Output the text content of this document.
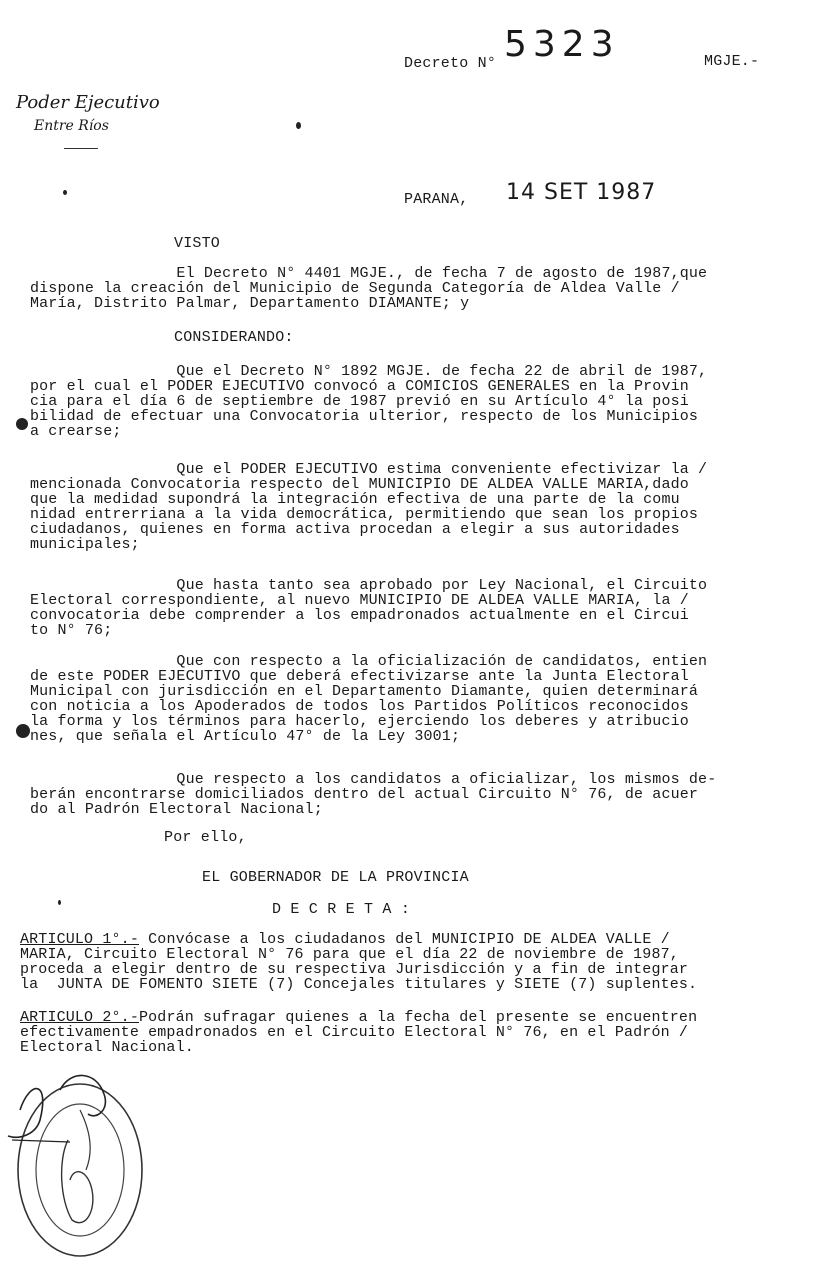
Decreto N° 5323	MGJE.-
Poder Ejecutivo
Entre Ríos
PARANA, 14 SET 1987
VISTO
El Decreto N° 4401 MGJE., de fecha 7 de agosto de 1987,que
dispone la creación del Municipio de Segunda Categoría de Aldea Valle /
María, Distrito Palmar, Departamento DIAMANTE; y
CONSIDERANDO:
Que el Decreto N° 1892 MGJE. de fecha 22 de abril de 1987,
por el cual el PODER EJECUTIVO convocó a COMICIOS GENERALES en la Provin
cia para el día 6 de septiembre de 1987 previó en su Artículo 4° la posi
bilidad de efectuar una Convocatoria ulterior, respecto de los Municipios
a crearse;
Que el PODER EJECUTIVO estima conveniente efectivizar la /
mencionada Convocatoria respecto del MUNICIPIO DE ALDEA VALLE MARIA,dado
que la medidad supondrá la integración efectiva de una parte de la comu
nidad entrerriana a la vida democrática, permitiendo que sean los propios
ciudadanos, quienes en forma activa procedan a elegir a sus autoridades
municipales;
Que hasta tanto sea aprobado por Ley Nacional, el Circuito
Electoral correspondiente, al nuevo MUNICIPIO DE ALDEA VALLE MARIA, la /
convocatoria debe comprender a los empadronados actualmente en el Circui
to N° 76;
Que con respecto a la oficialización de candidatos, entien
de este PODER EJECUTIVO que deberá efectivizarse ante la Junta Electoral
Municipal con jurisdicción en el Departamento Diamante, quien determinará
con noticia a los Apoderados de todos los Partidos Políticos reconocidos
la forma y los términos para hacerlo, ejerciendo los deberes y atribucio
nes, que señala el Artículo 47° de la Ley 3001;
Que respecto a los candidatos a oficializar, los mismos de-
berán encontrarse domiciliados dentro del actual Circuito N° 76, de acuer
do al Padrón Electoral Nacional;
Por ello,
EL GOBERNADOR DE LA PROVINCIA
D E C R E T A :
ARTICULO 1°.- Convócase a los ciudadanos del MUNICIPIO DE ALDEA VALLE /
MARIA, Circuito Electoral N° 76 para que el día 22 de noviembre de 1987,
proceda a elegir dentro de su respectiva Jurisdicción y a fin de integrar
la  JUNTA DE FOMENTO SIETE (7) Concejales titulares y SIETE (7) suplentes.
ARTICULO 2°.-Podrán sufragar quienes a la fecha del presente se encuentren
efectivamente empadronados en el Circuito Electoral N° 76, en el Padrón /
Electoral Nacional.
